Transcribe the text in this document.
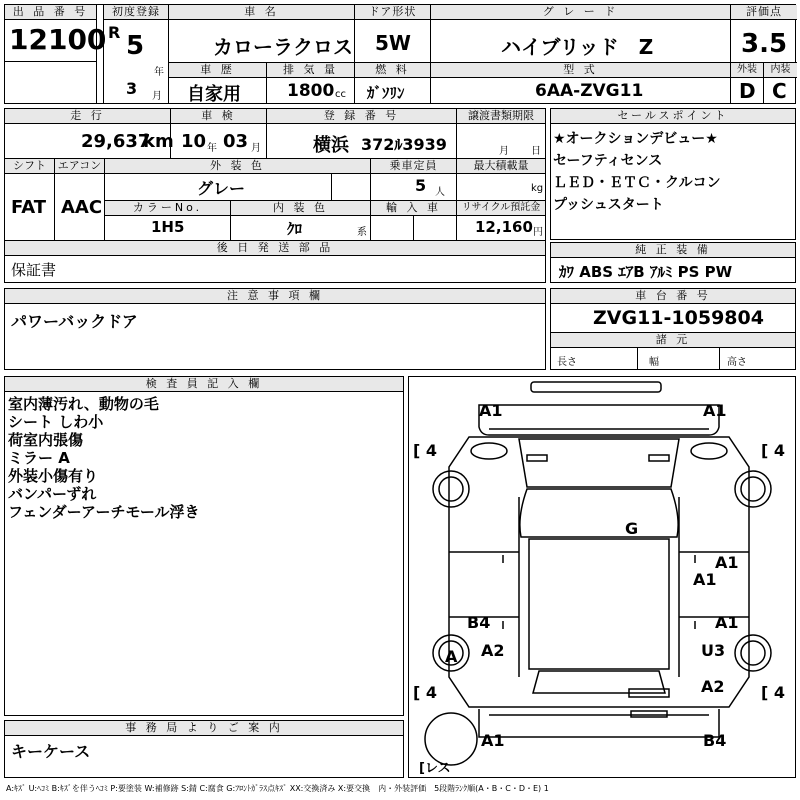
出 品 番 号
12100
初度登録
R 5
年
3 月
車 名
カローラクロス
ドア形状
5W
グ レ ー ド
ハイブリッド　Z
評価点
3.5
車 歴
自家用
排 気 量
1800 cc
燃 料
ｶﾞｿﾘﾝ
型 式
6AA-ZVG11
外装
D
内装
C
走 行
29,637
km
車 検
10 年 03 月
登 録 番 号
横浜 372ﾙ3939
譲渡書類期限
月 日
シフト
FAT
エアコン
AAC
外 装 色
グレー
乗車定員
5 人
最大積載量
kg
カラーNo.
1H5
内 装 色
ｸﾛ	系
輸 入 車	リサイクル預託金
12,160 円
後 日 発 送 部 品
保証書
セールスポイント
★オークションデビュー★
セーフティセンス
ＬＥＤ・ＥＴＣ・クルコン
プッシュスタート
純 正 装 備
ｶﾜ ABS ｴｱB ｱﾙﾐ PS PW
注 意 事 項 欄
パワーバックドア
車 台 番 号
ZVG11-1059804
諸 元
長さ	幅	高さ
検 査 員 記 入 欄
室内薄汚れ、動物の毛
シート しわ小
荷室内張傷
ミラー A
外装小傷有り
バンパーずれ
フェンダーアーチモール浮き
事 務 局 よ り ご 案 内
キーケース
A1	A1
G
A1
A1
A1
B4
A2
A	U3
A2
A1	B4
[ 4	[ 4
[ 4	[ 4
[レス
A:ｷｽﾞ U:ﾍｺﾐ B:ｷｽﾞを伴うﾍｺﾐ P:要塗装 W:補修跡 S:錆 C:腐食 G:ﾌﾛﾝﾄｶﾞﾗｽ点ｷｽﾞ XX:交換済み X:要交換　内・外装評価　5段階ﾗﾝｸ順(A・B・C・D・E) 1
